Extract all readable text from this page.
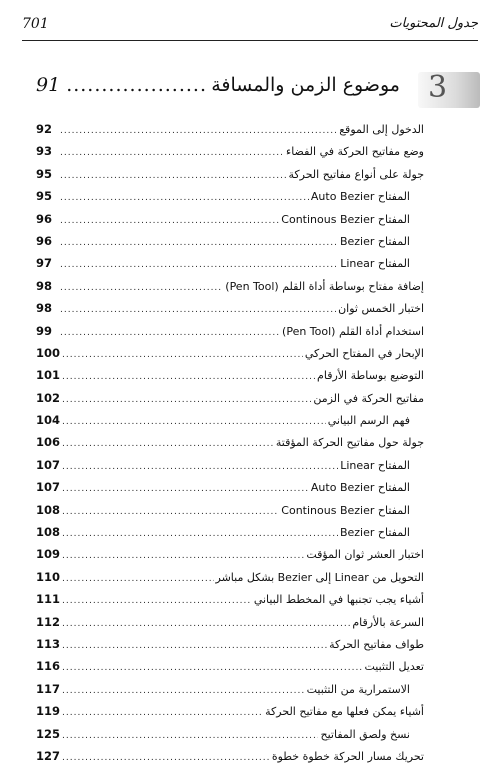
701	جدول المحتويات
3
موضوع الزمن والمسافة
.....
91
الدخول إلى الموقع
.....
92
وضع مفاتيح الحركة في الفضاء
.....
93
جولة على أنواع مفاتيح الحركة
.....
95
المفتاح Auto Bezier
.....
95
المفتاح Continous Bezier
.....
96
المفتاح Bezier
.....
96
المفتاح Linear
.....
97
إضافة مفتاح بوساطة أداة القلم (Pen Tool)
.....
98
اختبار الخمس ثوان
.....
98
استخدام أداة القلم (Pen Tool)
.....
99
الإبحار في المفتاح الحركي
.....
100
التوضيع بوساطة الأرقام
.....
101
مفاتيح الحركة في الزمن
.....
102
فهم الرسم البياني
.....
104
جولة حول مفاتيح الحركة المؤقتة
.....
106
المفتاح Linear
.....
107
المفتاح Auto Bezier
.....
107
المفتاح Continous Bezier
.....
108
المفتاح Bezier
.....
108
اختبار العشر ثوان المؤقت
.....
109
التحويل من Linear إلى Bezier بشكل مباشر
.....
110
أشياء يجب تجنبها في المخطط البياني
.....
111
السرعة بالأرقام
.....
112
طواف مفاتيح الحركة
.....
113
تعديل التثبيت
.....
116
الاستمرارية من التثبيت
.....
117
أشياء يمكن فعلها مع مفاتيح الحركة
.....
119
نسخ ولصق المفاتيح
.....
125
تحريك مسار الحركة خطوة خطوة
.....
127
